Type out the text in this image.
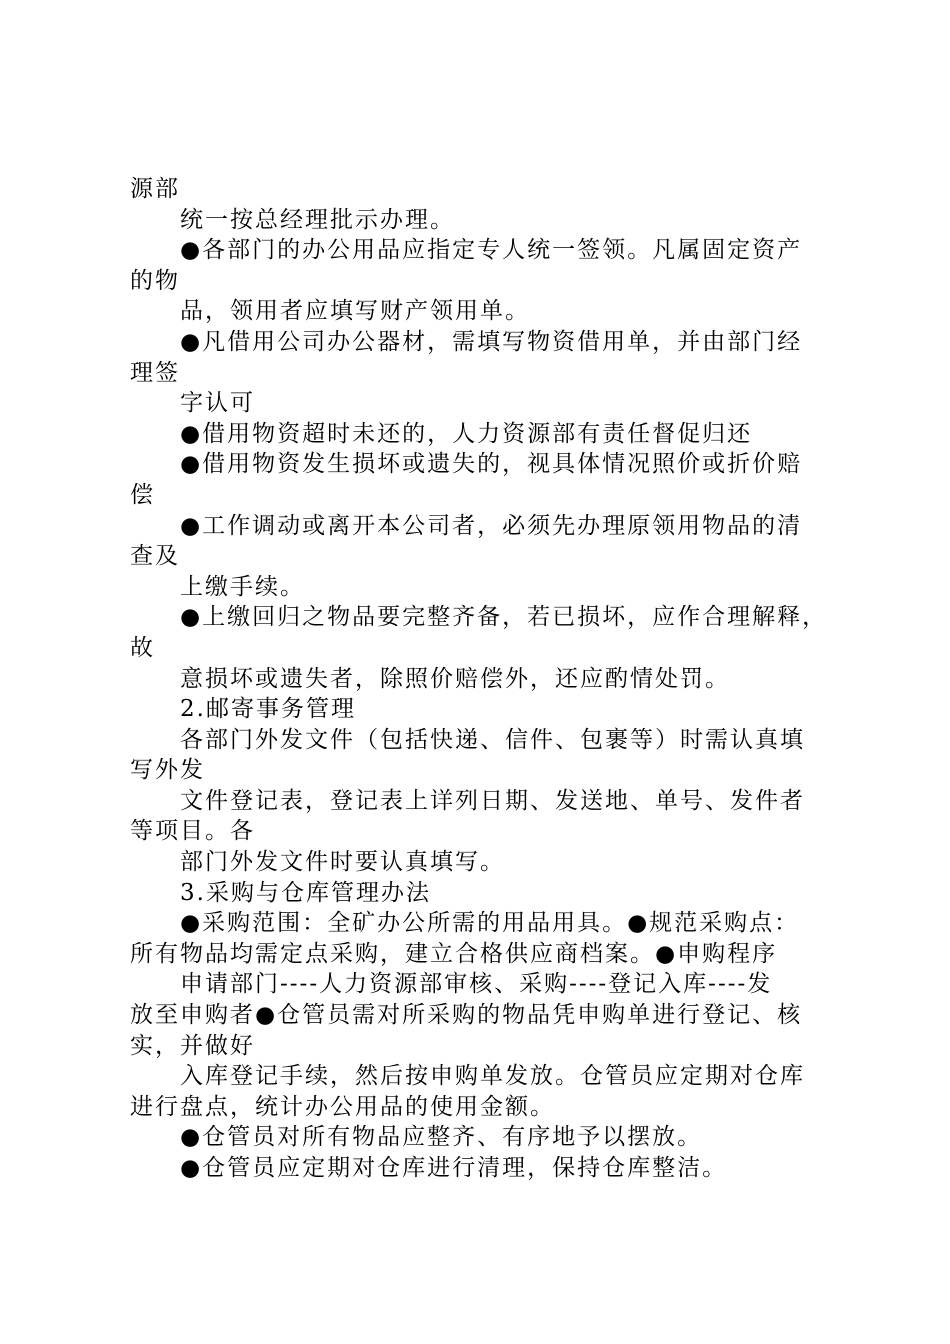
源部
统一按总经理批示办理。
●各部门的办公用品应指定专人统一签领。凡属固定资产
的物
品，领用者应填写财产领用单。
●凡借用公司办公器材，需填写物资借用单，并由部门经
理签
字认可
●借用物资超时未还的，人力资源部有责任督促归还
●借用物资发生损坏或遗失的，视具体情况照价或折价赔
偿
●工作调动或离开本公司者，必须先办理原领用物品的清
查及
上缴手续。
●上缴回归之物品要完整齐备，若已损坏，应作合理解释，
故
意损坏或遗失者，除照价赔偿外，还应酌情处罚。
2.邮寄事务管理
各部门外发文件（包括快递、信件、包裹等）时需认真填
写外发
文件登记表，登记表上详列日期、发送地、单号、发件者
等项目。各
部门外发文件时要认真填写。
3.采购与仓库管理办法
●采购范围：全矿办公所需的用品用具。●规范采购点：
所有物品均需定点采购，建立合格供应商档案。●申购程序
申请部门----人力资源部审核、采购----登记入库----发
放至申购者●仓管员需对所采购的物品凭申购单进行登记、核
实，并做好
入库登记手续，然后按申购单发放。仓管员应定期对仓库
进行盘点，统计办公用品的使用金额。
●仓管员对所有物品应整齐、有序地予以摆放。
●仓管员应定期对仓库进行清理，保持仓库整洁。
